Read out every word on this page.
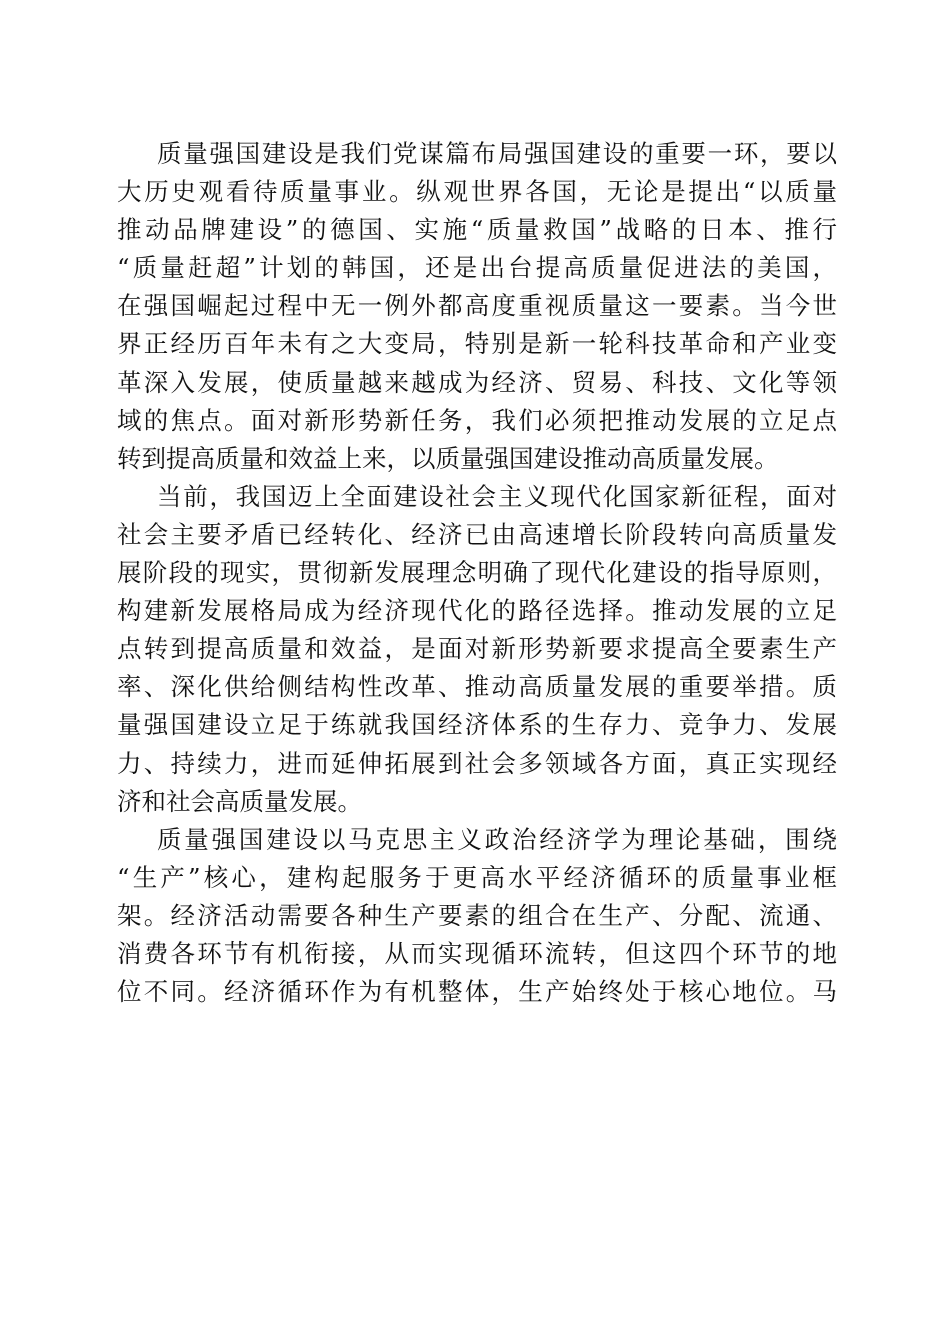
质量强国建设是我们党谋篇布局强国建设的重要一环，要以
大历史观看待质量事业。纵观世界各国，无论是提出“以质量
推动品牌建设”的德国、实施“质量救国”战略的日本、推行
“质量赶超”计划的韩国，还是出台提高质量促进法的美国，
在强国崛起过程中无一例外都高度重视质量这一要素。当今世
界正经历百年未有之大变局，特别是新一轮科技革命和产业变
革深入发展，使质量越来越成为经济、贸易、科技、文化等领
域的焦点。面对新形势新任务，我们必须把推动发展的立足点
转到提高质量和效益上来，以质量强国建设推动高质量发展。
当前，我国迈上全面建设社会主义现代化国家新征程，面对
社会主要矛盾已经转化、经济已由高速增长阶段转向高质量发
展阶段的现实，贯彻新发展理念明确了现代化建设的指导原则，
构建新发展格局成为经济现代化的路径选择。推动发展的立足
点转到提高质量和效益，是面对新形势新要求提高全要素生产
率、深化供给侧结构性改革、推动高质量发展的重要举措。质
量强国建设立足于练就我国经济体系的生存力、竞争力、发展
力、持续力，进而延伸拓展到社会多领域各方面，真正实现经
济和社会高质量发展。
质量强国建设以马克思主义政治经济学为理论基础，围绕
“生产”核心，建构起服务于更高水平经济循环的质量事业框
架。经济活动需要各种生产要素的组合在生产、分配、流通、
消费各环节有机衔接，从而实现循环流转，但这四个环节的地
位不同。经济循环作为有机整体，生产始终处于核心地位。马
